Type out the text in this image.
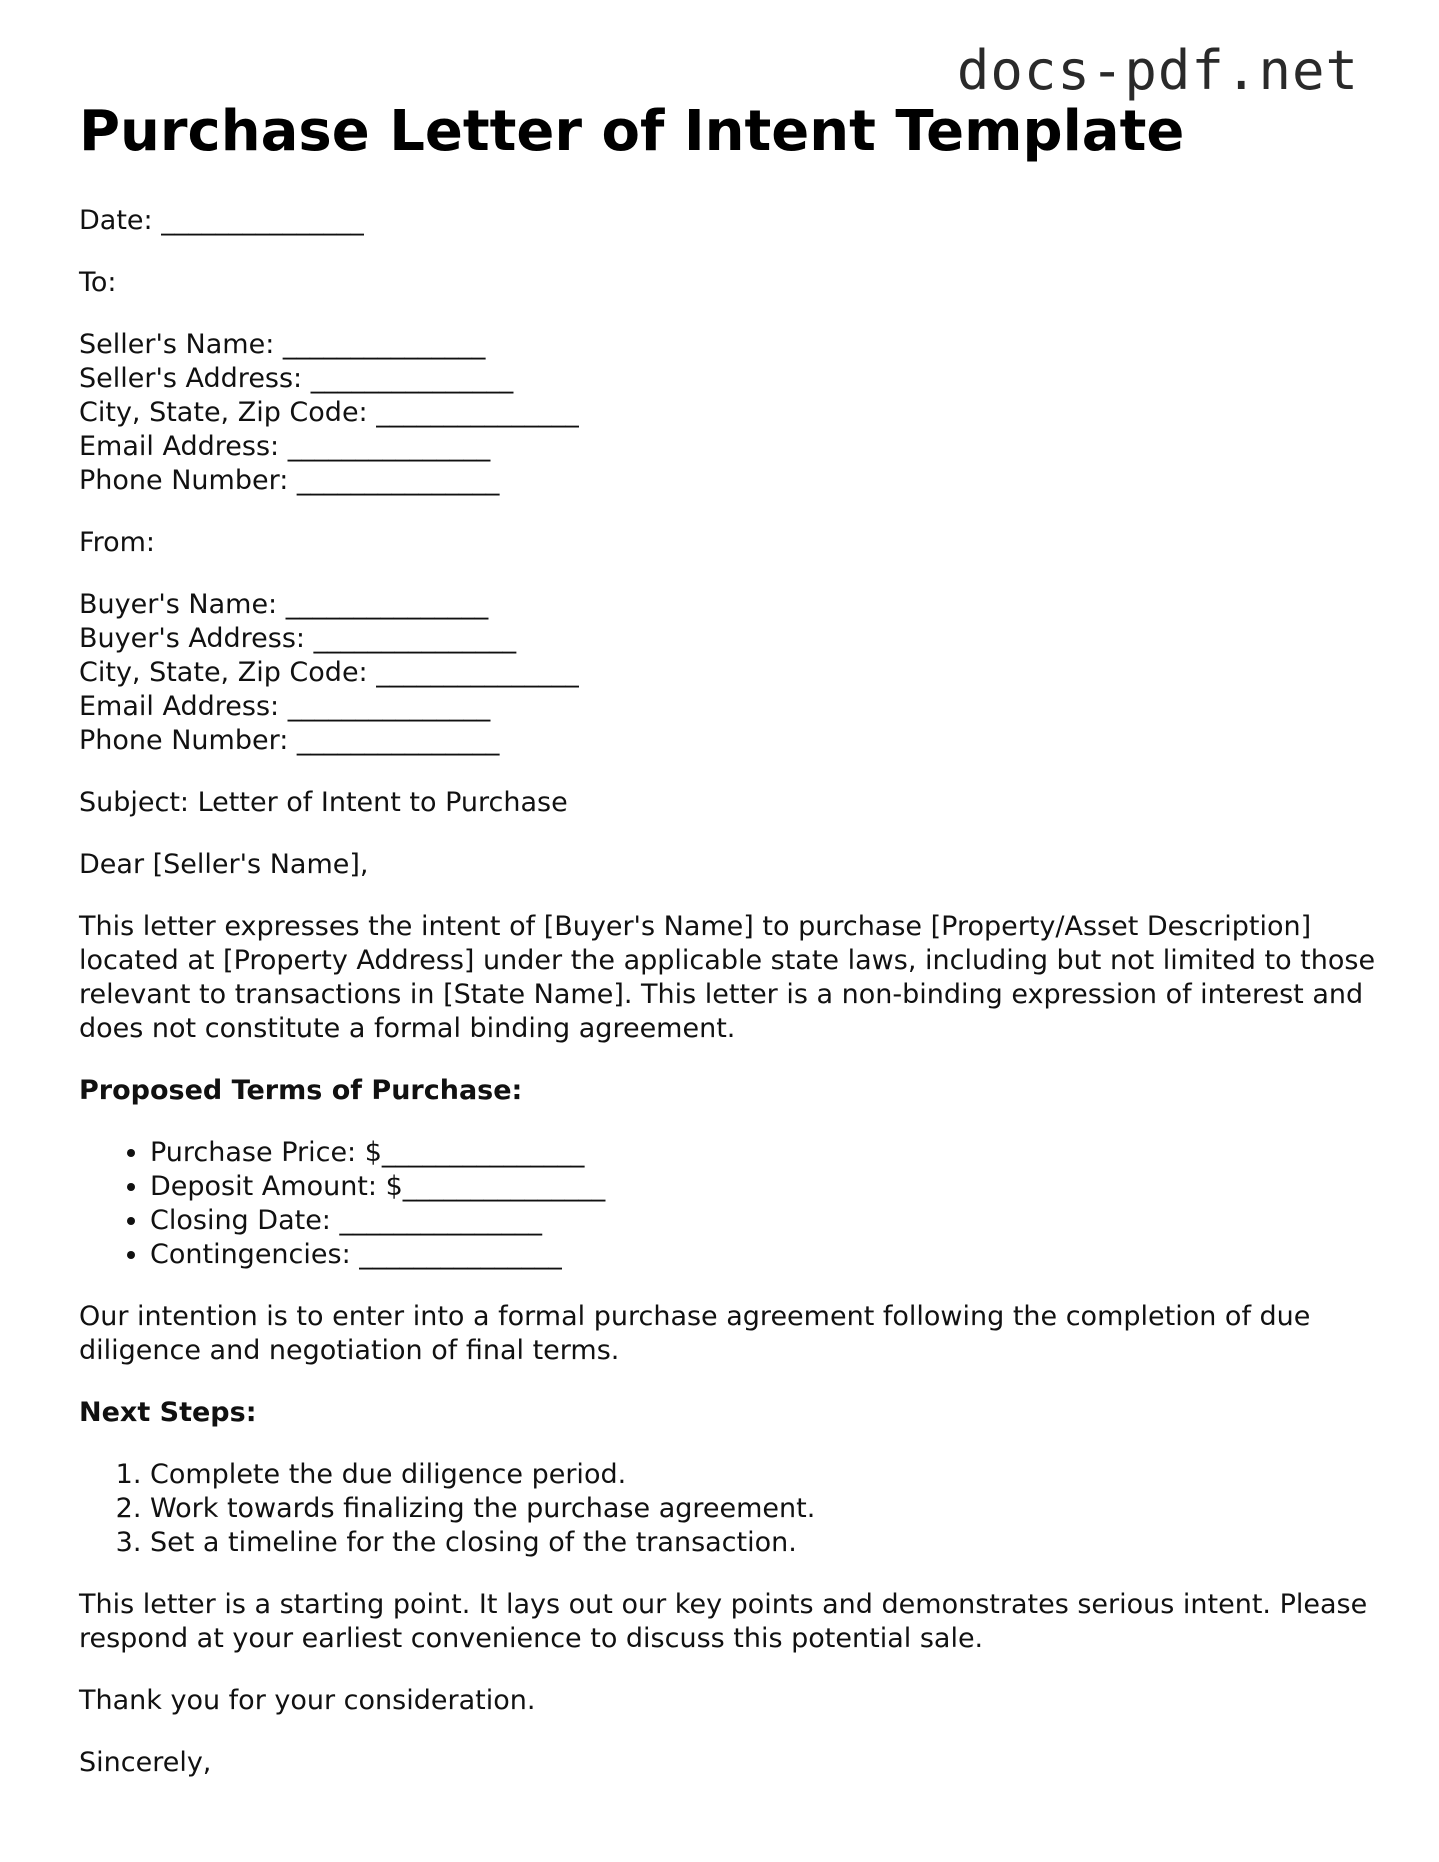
docs-pdf.net
Purchase Letter of Intent Template
Date: _______________
To:
Seller's Name: _______________
Seller's Address: _______________
City, State, Zip Code: _______________
Email Address: _______________
Phone Number: _______________
From:
Buyer's Name: _______________
Buyer's Address: _______________
City, State, Zip Code: _______________
Email Address: _______________
Phone Number: _______________
Subject: Letter of Intent to Purchase
Dear [Seller's Name],
This letter expresses the intent of [Buyer's Name] to purchase [Property/Asset Description] located at [Property Address] under the applicable state laws, including but not limited to those relevant to transactions in [State Name]. This letter is a non-binding expression of interest and does not constitute a formal binding agreement.
Proposed Terms of Purchase:
• Purchase Price: $_______________
• Deposit Amount: $_______________
• Closing Date: _______________
• Contingencies: _______________
Our intention is to enter into a formal purchase agreement following the completion of due diligence and negotiation of final terms.
Next Steps:
1. Complete the due diligence period.
2. Work towards finalizing the purchase agreement.
3. Set a timeline for the closing of the transaction.
This letter is a starting point. It lays out our key points and demonstrates serious intent. Please respond at your earliest convenience to discuss this potential sale.
Thank you for your consideration.
Sincerely,
